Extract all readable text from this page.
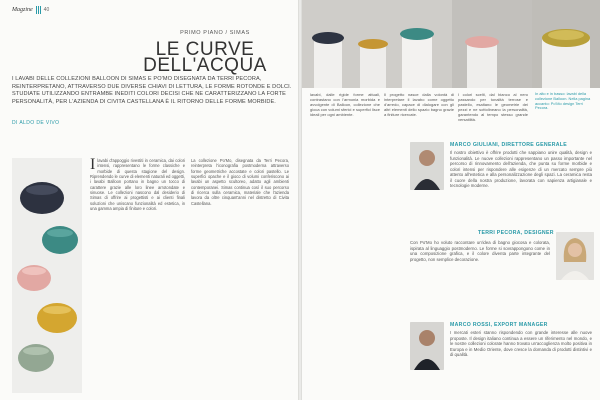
Magzine 40
PRIMO PIANO / SIMAS
LE CURVE
DELL'ACQUA
I LAVABI DELLE COLLEZIONI BALLOON DI SIMAS E PO'MO DISEGNATA DA TERRI PECORA, REINTERPRETANO, ATTRAVERSO DUE DIVERSE CHIAVI DI LETTURA, LE FORME ROTONDE E DOLCI. STUDIATE UTILIZZANDO ENTRAMBE INEDITI COLORI DECISI CHE NE CARATTERIZZANO LA FORTE PERSONALITÀ, PER L'AZIENDA DI CIVITA CASTELLANA È IL RITORNO DELLE FORME MORBIDE.
DI ALDO DE VIVO
Ilavabi d'appoggio rivestiti in ceramica, dai colori intensi, rappresentano le forme classiche e morbide di questa stagione del design. Riprendendo le curve di elementi naturali ed oggetti, i lavabi Balloon portano in bagno un tocco di carattere grazie alle loro linee arrotondate e sinuose. Le collezioni nascono dal desiderio di Simas di offrire ai progettisti e ai clienti finali soluzioni che uniscano funzionalità ed estetica, in una gamma ampia di finiture e colori.
La collezione Po'Mo, disegnata da Terri Pecora, reinterpreta l'iconografia postmoderna attraverso forme geometriche accostate e colori pastello. Le superfici opache e il gioco di volumi conferiscono ai lavabi un aspetto scultoreo, adatto agli ambienti contemporanei. Simas continua così il suo percorso di ricerca sulla ceramica, materiale che l'azienda lavora da oltre cinquant'anni nel distretto di Civita Castellana.
lavabi, dalle rigide forme attuali, contrastano con l'armonia morbida e avvolgente di Balloon, collezione che gioca con volumi sferici e superfici lisce ideali per ogni ambiente.
Il progetto nasce dalla volontà di interpretare il lavabo come oggetto d'arredo, capace di dialogare con gli altri elementi dello spazio bagno grazie a finiture ricercate.
I colori scelti, dal bianco al nero passando per tonalità terrose e pastello, esaltano le geometrie dei pezzi e ne sottolineano la personalità, garantendo al tempo stesso grande versatilità.
In alto e in basso: lavabi della collezione Balloon. Nella pagina accanto: Po'Mo design Terri Pecora.
MARCO GIULIANI, DIRETTORE GENERALE
Il nostro obiettivo è offrire prodotti che sappiano unire qualità, design e funzionalità. Le nuove collezioni rappresentano un passo importante nel percorso di rinnovamento dell'azienda, che punta su forme morbide e colori intensi per rispondere alle esigenze di un mercato sempre più attento all'estetica e alla personalizzazione degli spazi. La ceramica resta il cuore della nostra produzione, lavorata con sapienza artigianale e tecnologie moderne.
TERRI PECORA, DESIGNER
Con Po'Mo ho voluto raccontare un'idea di bagno giocosa e colorata, ispirata al linguaggio postmoderno. Le forme si sovrappongono come in una composizione grafica, e il colore diventa parte integrante del progetto, non semplice decorazione.
MARCO ROSSI, EXPORT MANAGER
I mercati esteri stanno rispondendo con grande interesse alle nuove proposte. Il design italiano continua a essere un riferimento nel mondo, e le nostre collezioni colorate hanno trovato un'accoglienza molto positiva in Europa e in Medio Oriente, dove cresce la domanda di prodotti distintivi e di qualità.
